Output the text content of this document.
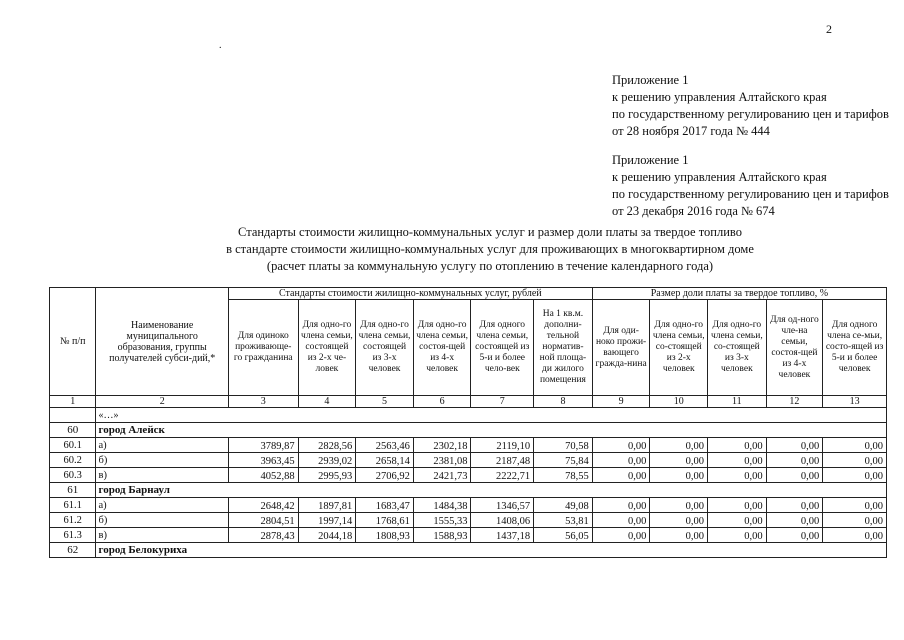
2
.
Приложение 1
к решению управления Алтайского края
по государственному регулированию цен и тарифов
от 28 ноября 2017 года № 444
Приложение 1
к решению управления Алтайского края
по государственному регулированию цен и тарифов
от 23 декабря 2016 года № 674
Стандарты стоимости жилищно-коммунальных услуг и размер доли платы за твердое топливо
в стандарте стоимости жилищно-коммунальных услуг для проживающих в многоквартирном доме
(расчет платы за коммунальную услугу по отоплению в течение календарного года)
№ п/п	Наименование муниципального образования, группы получателей субси-дий,*	Стандарты стоимости жилищно-коммунальных услуг, рублей						Размер доли платы за твердое топливо, %				
		Для одиноко проживающе-го гражданина	Для одно-го члена семьи, состоящей из 2-х че-ловек	Для одно-го члена семьи, состоящей из 3-х человек	Для одно-го члена семьи, состоя-щей из 4-х человек	Для одного члена семьи, состоящей из 5-и и более чело-век	На 1 кв.м. дополни-тельной норматив-ной площа-ди жилого помещения	Для оди-ноко прожи-вающего гражда-нина	Для одно-го члена семьи, со-стоящей из 2-х человек	Для одно-го члена семьи, со-стоящей из 3-х человек	Для од-ного чле-на семьи, состоя-щей из 4-х человек	Для одного члена се-мьи, состо-ящей из 5-и и более человек
1	2	3	4	5	6	7	8	9	10	11	12	13
	«…»											
60	город Алейск											
60.1	а)	3789,87	2828,56	2563,46	2302,18	2119,10	70,58	0,00	0,00	0,00	0,00	0,00
60.2	б)	3963,45	2939,02	2658,14	2381,08	2187,48	75,84	0,00	0,00	0,00	0,00	0,00
60.3	в)	4052,88	2995,93	2706,92	2421,73	2222,71	78,55	0,00	0,00	0,00	0,00	0,00
61	город Барнаул											
61.1	а)	2648,42	1897,81	1683,47	1484,38	1346,57	49,08	0,00	0,00	0,00	0,00	0,00
61.2	б)	2804,51	1997,14	1768,61	1555,33	1408,06	53,81	0,00	0,00	0,00	0,00	0,00
61.3	в)	2878,43	2044,18	1808,93	1588,93	1437,18	56,05	0,00	0,00	0,00	0,00	0,00
62	город Белокуриха											
